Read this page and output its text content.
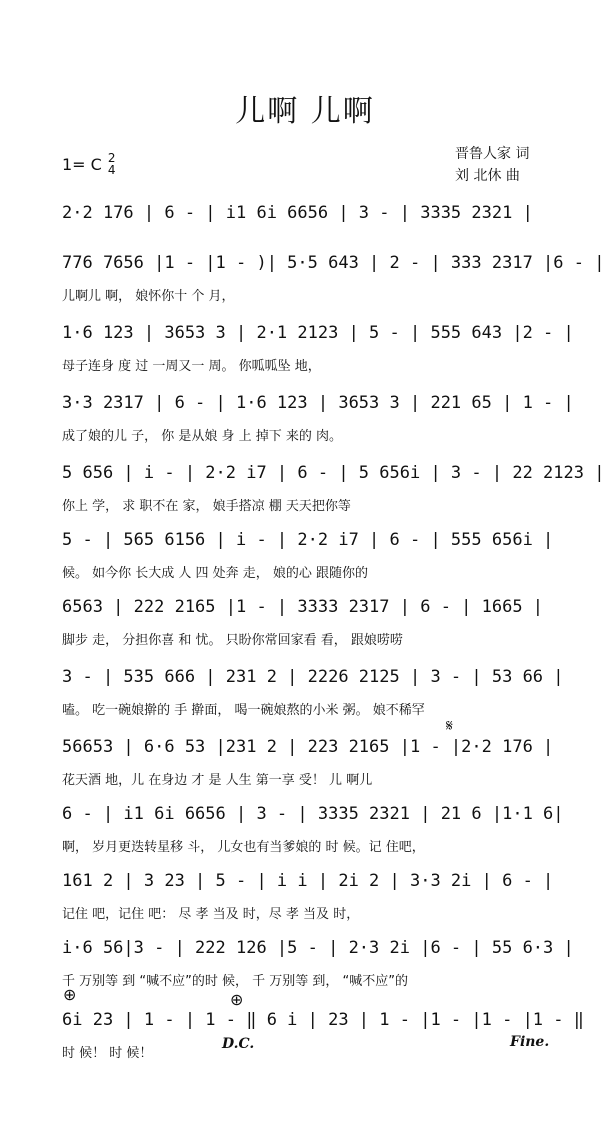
儿啊 儿啊
1= C 2
4
晋鲁人家 词
刘 北休 曲
2·2 176 | 6 - | i1 6i 6656 | 3 - | 3335 2321 |
776 7656 |1 - |1 - )| 5·5 643 | 2 - | 333 2317 |6 - |
儿啊儿 啊， 娘怀你十 个 月，
1·6 123 | 3653 3 | 2·1 2123 | 5 - | 555 643 |2 - |
母子连身 度 过 一周又一 周。 你呱呱坠 地，
3·3 2317 | 6 - | 1·6 123 | 3653 3 | 221 65 | 1 - |
成了娘的儿 子， 你 是从娘 身 上 掉下 来的 肉。
5 656 | i - | 2·2 i7 | 6 - | 5 656i | 3 - | 22 2123 |
你上 学， 求 职不在 家， 娘手搭凉 棚 天天把你等
5 - | 565 6156 | i - | 2·2 i7 | 6 - | 555 656i |
候。 如今你 长大成 人 四 处奔 走， 娘的心 跟随你的
6563 | 222 2165 |1 - | 3333 2317 | 6 - | 1665 |
脚步 走， 分担你喜 和 忧。 只盼你常回家看 看， 跟娘唠唠
3 - | 535 666 | 231 2 | 2226 2125 | 3 - | 53 66 |
嗑。 吃一碗娘擀的 手 擀面， 喝一碗娘熬的小米 粥。 娘不稀罕
56653 | 6·6 53 |231 2 | 223 2165 |1 - |2·2 176 |
花天酒 地，儿 在身边 才 是 人生 第一享 受！ 儿 啊儿
6 - | i1 6i 6656 | 3 - | 3335 2321 | 21 6 |1·1 6|
啊， 岁月更迭转星移 斗， 儿女也有当爹娘的 时 候。记 住吧，
161 2 | 3 23 | 5 - | i i | 2i 2 | 3·3 2i | 6 - |
记住 吧，记住 吧： 尽 孝 当及 时，尽 孝 当及 时，
i·6 56|3 - | 222 126 |5 - | 2·3 2i |6 - | 55 6·3 |
千 万别等 到 “喊不应”的时 候， 千 万别等 到， “喊不应”的
6i 23 | 1 - | 1 - ‖ 6 i | 23 | 1 - |1 - |1 - |1 - ‖
时 候！ 时 候！
𝄋
⊕	⊕
D.C.	Fine.
